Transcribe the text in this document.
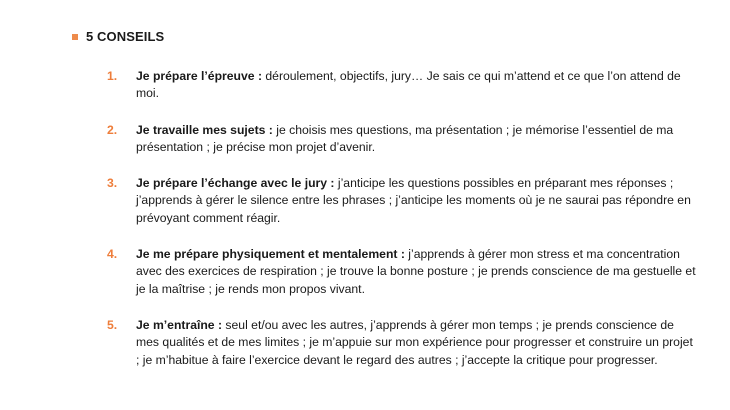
5 CONSEILS
1.	Je prépare l’épreuve : déroulement, objectifs, jury… Je sais ce qui m’attend et ce que l’on attend de moi.
2.	Je travaille mes sujets : je choisis mes questions, ma présentation ; je mémorise l’essentiel de ma présentation ; je précise mon projet d’avenir.
3.	Je prépare l’échange avec le jury : j’anticipe les questions possibles en préparant mes réponses ; j’apprends à gérer le silence entre les phrases ; j’anticipe les moments où je ne saurai pas répondre en prévoyant comment réagir.
4.	Je me prépare physiquement et mentalement : j’apprends à gérer mon stress et ma concentration avec des exercices de respiration ; je trouve la bonne posture ; je prends conscience de ma gestuelle et je la maîtrise ; je rends mon propos vivant.
5.	Je m’entraîne : seul et/ou avec les autres, j’apprends à gérer mon temps ; je prends conscience de mes qualités et de mes limites ; je m’appuie sur mon expérience pour progresser et construire un projet ; je m’habitue à faire l’exercice devant le regard des autres ; j’accepte la critique pour progresser.
